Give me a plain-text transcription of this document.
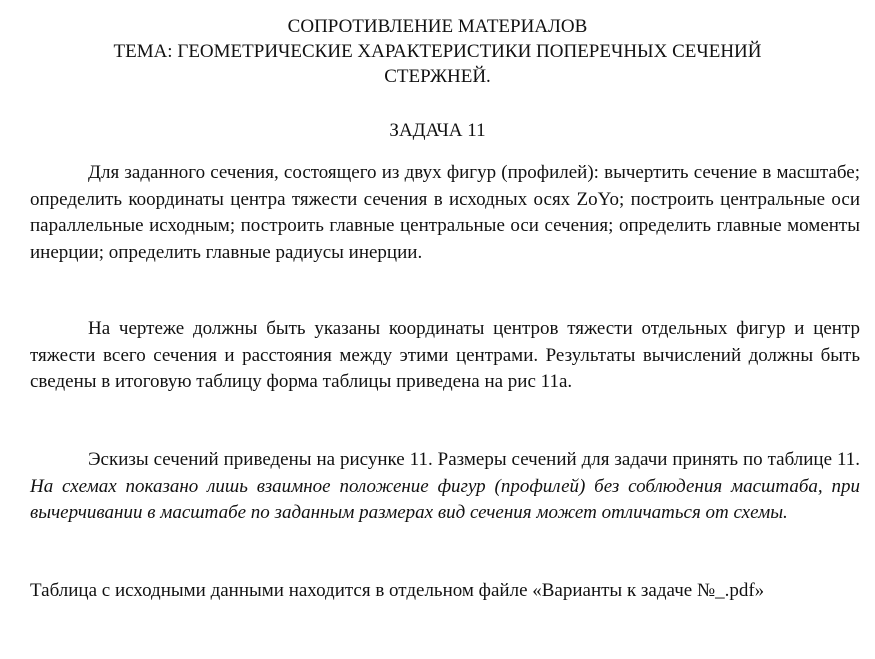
СОПРОТИВЛЕНИЕ МАТЕРИАЛОВ
ТЕМА: ГЕОМЕТРИЧЕСКИЕ ХАРАКТЕРИСТИКИ ПОПЕРЕЧНЫХ СЕЧЕНИЙ
СТЕРЖНЕЙ.
ЗАДАЧА 11

Для заданного сечения, состоящего из двух фигур (профилей): вычертить сечение в масштабе; определить координаты центра тяжести сечения в исходных осях ZoYo; построить центральные оси параллельные исходным; построить главные центральные оси сечения; определить главные моменты инерции; определить главные радиусы инерции.

На чертеже должны быть указаны координаты центров тяжести отдельных фигур и центр тяжести всего сечения и расстояния между этими центрами. Результаты вычислений должны быть сведены в итоговую таблицу форма таблицы приведена на рис 11а.

Эскизы сечений приведены на рисунке 11. Размеры сечений для задачи принять по таблице 11. На схемах показано лишь взаимное положение фигур (профилей) без соблюдения масштаба, при вычерчивании в масштабе по заданным размерах вид сечения может отличаться от схемы.

Таблица с исходными данными находится в отдельном файле «Варианты к задаче №_.pdf»
